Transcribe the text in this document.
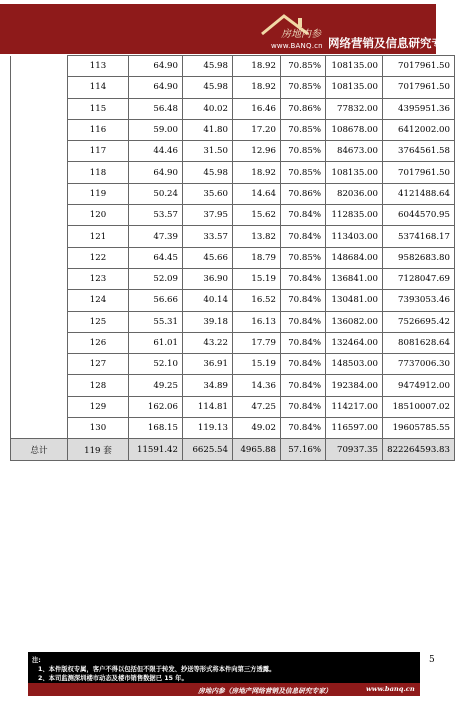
房地内参
www.BANQ.cn 网络营销及信息研究专家
	113	64.90	45.98	18.92	70.85%	108135.00	7017961.50
	114	64.90	45.98	18.92	70.85%	108135.00	7017961.50
	115	56.48	40.02	16.46	70.86%	77832.00	4395951.36
	116	59.00	41.80	17.20	70.85%	108678.00	6412002.00
	117	44.46	31.50	12.96	70.85%	84673.00	3764561.58
	118	64.90	45.98	18.92	70.85%	108135.00	7017961.50
	119	50.24	35.60	14.64	70.86%	82036.00	4121488.64
	120	53.57	37.95	15.62	70.84%	112835.00	6044570.95
	121	47.39	33.57	13.82	70.84%	113403.00	5374168.17
	122	64.45	45.66	18.79	70.85%	148684.00	9582683.80
	123	52.09	36.90	15.19	70.84%	136841.00	7128047.69
	124	56.66	40.14	16.52	70.84%	130481.00	7393053.46
	125	55.31	39.18	16.13	70.84%	136082.00	7526695.42
	126	61.01	43.22	17.79	70.84%	132464.00	8081628.64
	127	52.10	36.91	15.19	70.84%	148503.00	7737006.30
	128	49.25	34.89	14.36	70.84%	192384.00	9474912.00
	129	162.06	114.81	47.25	70.84%	114217.00	18510007.02
	130	168.15	119.13	49.02	70.84%	116597.00	19605785.55
总计	119 套	11591.42	6625.54	4965.88	57.16%	70937.35	822264593.83
5
注:
1、本件版权专属，客户不得以包括但不限于转发、抄送等形式将本件向第三方透露。
2、本司监测深圳楼市动态及楼市销售数据已 15 年。
房地内参（房地产网络营销及信息研究专家）	www.banq.cn
